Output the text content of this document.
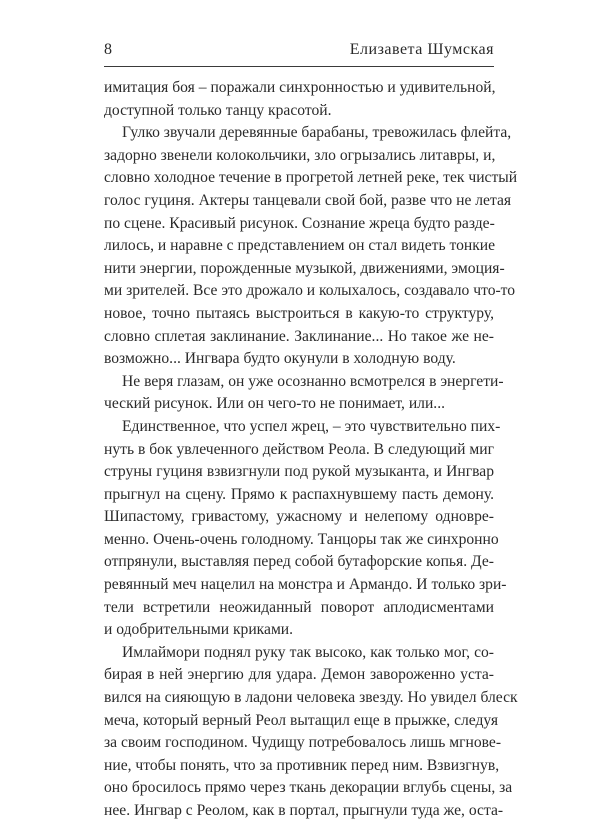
8	Елизавета Шумская

имитация боя – поражали синхронностью и удивительной,
доступной только танцу красотой.

Гулко звучали деревянные барабаны, тревожилась флейта,
задорно звенели колокольчики, зло огрызались литавры, и,
словно холодное течение в прогретой летней реке, тек чистый
голос гуциня. Актеры танцевали свой бой, разве что не летая
по сцене. Красивый рисунок. Сознание жреца будто разде-
лилось, и наравне с представлением он стал видеть тонкие
нити энергии, порожденные музыкой, движениями, эмоция-
ми зрителей. Все это дрожало и колыхалось, создавало что-то
новое, точно пытаясь выстроиться в какую-то структуру,
словно сплетая заклинание. Заклинание... Но такое же не-
возможно... Ингвара будто окунули в холодную воду.

Не веря глазам, он уже осознанно всмотрелся в энергети-
ческий рисунок. Или он чего-то не понимает, или...

Единственное, что успел жрец, – это чувствительно пих-
нуть в бок увлеченного действом Реола. В следующий миг
струны гуциня взвизгнули под рукой музыканта, и Ингвар
прыгнул на сцену. Прямо к распахнувшему пасть демону.
Шипастому, гривастому, ужасному и нелепому одновре-
менно. Очень-очень голодному. Танцоры так же синхронно
отпрянули, выставляя перед собой бутафорские копья. Де-
ревянный меч нацелил на монстра и Армандо. И только зри-
тели встретили неожиданный поворот аплодисментами
и одобрительными криками.

Имлаймори поднял руку так высоко, как только мог, со-
бирая в ней энергию для удара. Демон завороженно уста-
вился на сияющую в ладони человека звезду. Но увидел блеск
меча, который верный Реол вытащил еще в прыжке, следуя
за своим господином. Чудищу потребовалось лишь мгнове-
ние, чтобы понять, что за противник перед ним. Взвизгнув,
оно бросилось прямо через ткань декорации вглубь сцены, за
нее. Ингвар с Реолом, как в портал, прыгнули туда же, оста-
